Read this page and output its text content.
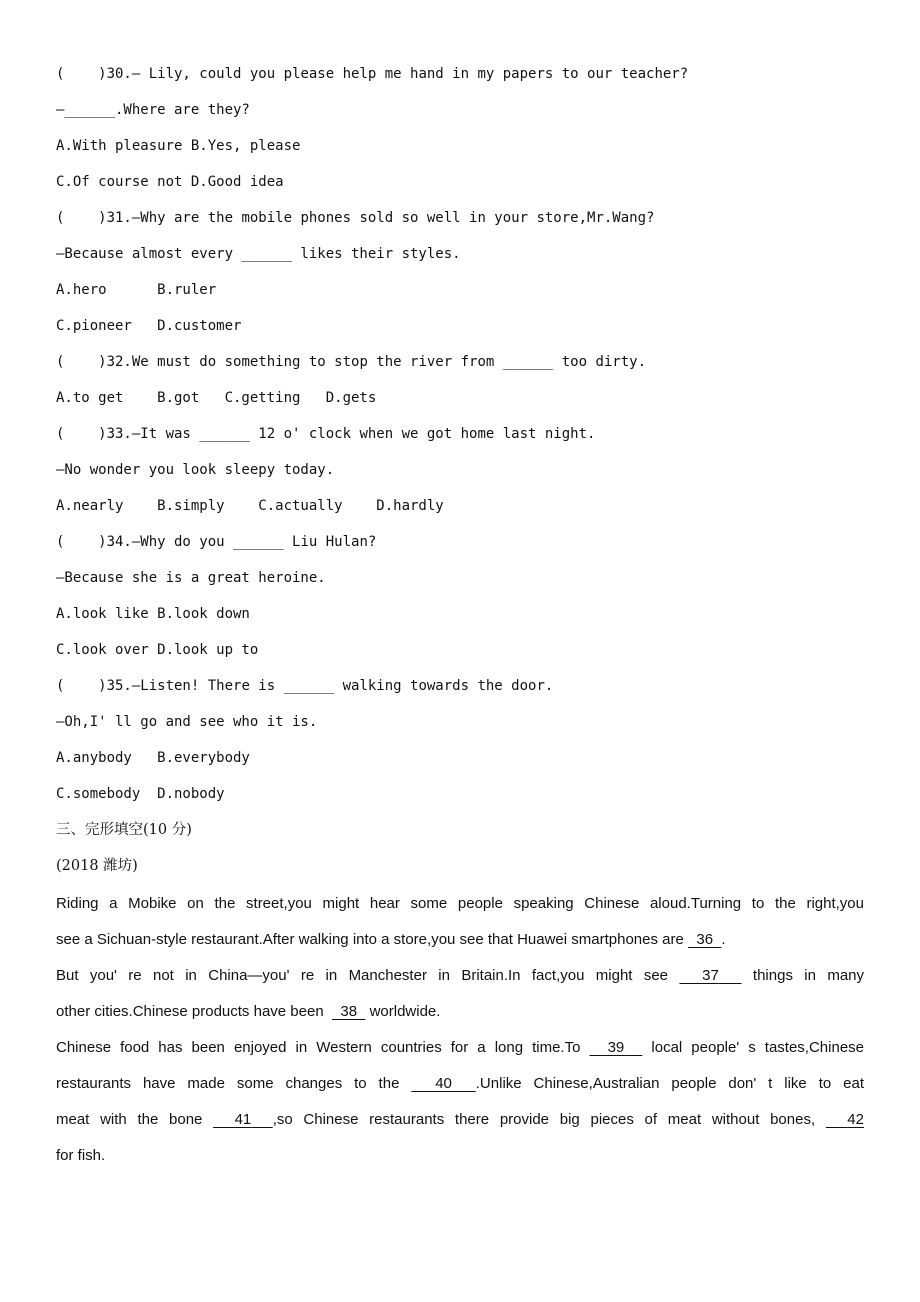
(    )30.— Lily, could you please help me hand in my papers to our teacher?
—______.Where are they?
A.With pleasure B.Yes, please
C.Of course not D.Good idea
(    )31.—Why are the mobile phones sold so well in your store,Mr.Wang?
—Because almost every ______ likes their styles.
A.hero      B.ruler
C.pioneer   D.customer
(    )32.We must do something to stop the river from ______ too dirty.
A.to get    B.got   C.getting   D.gets
(    )33.—It was ______ 12 o' clock when we got home last night.
—No wonder you look sleepy today.
A.nearly    B.simply    C.actually    D.hardly
(    )34.—Why do you ______ Liu Hulan?
—Because she is a great heroine.
A.look like B.look down
C.look over D.look up to
(    )35.—Listen! There is ______ walking towards the door.
—Oh,I' ll go and see who it is.
A.anybody   B.everybody
C.somebody  D.nobody
三、完形填空(10 分)
(2018 潍坊)
Riding a Mobike on the street,you might hear some people speaking Chinese aloud.Turning to the right,you
see a Sichuan-style restaurant.After walking into a store,you see that Huawei smartphones are 36 .
But you' re not in China—you' re in Manchester in Britain.In fact,you might see 37 things in many
other cities.Chinese products have been 38 worldwide.
Chinese food has been enjoyed in Western countries for a long time.To 39 local people' s tastes,Chinese
restaurants have made some changes to the 40 .Unlike Chinese,Australian people don' t like to eat
meat with the bone 41 ,so Chinese restaurants there provide big pieces of meat without bones, 42
for fish.
